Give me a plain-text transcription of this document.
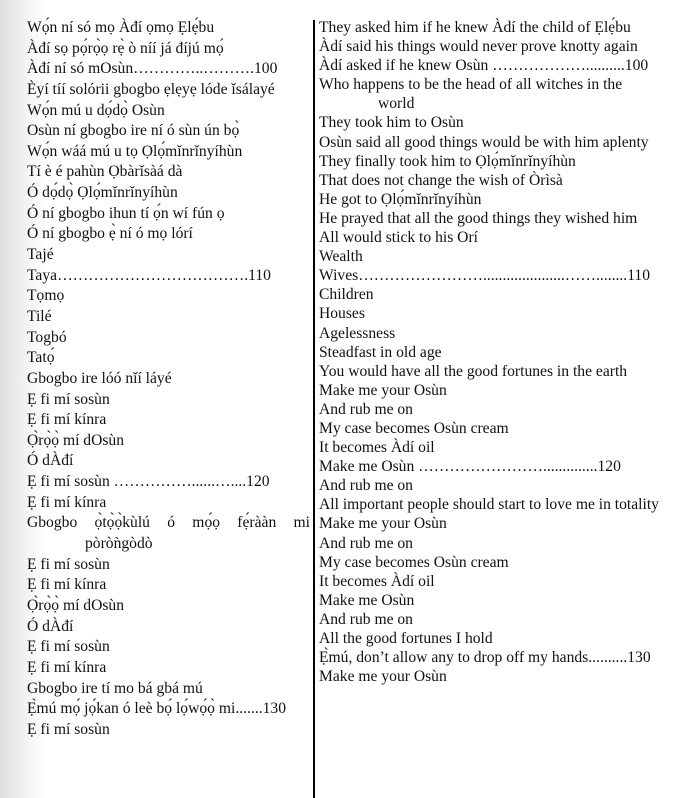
Wọ́n ní só mọ Àđí ọmọ Ẹlẹ́bu
Àđí sọ pọ́rọ̀ọ rẹ̀ ò níí já đíjú mọ́
Àđí ní só mOsùn…………..……….100
Èyí tíí solórii gbogbo ẹlẹyẹ lóde ǐsálayé
Wọ́n mú u dọ́dọ̀ Osùn
Osùn ní gbogbo ire ní ó sùn ún bọ̀
Wọ́n wáá mú u tọ Ọlọ́mǐnrǐnyíhùn
Tí è é pahùn Ọbàrǐsàá dà
Ó dọ́dọ̀ Ọlọ́mǐnrǐnyíhùn
Ó ní gbogbo ihun tí ọ́n wí fún ọ
Ó ní gbogbo ẹ̀ ní ó mọ lórí
Tajé
Taya……………………………….110
Tọmọ
Tilé
Togbó
Tatọ́
Gbogbo ire lóó nǐí láyé
Ẹ fi mí sosùn
Ẹ fi mí kínra
Ọ̀rọ̀ọ̀ mí dOsùn
Ó dÀđí
Ẹ fi mí sosùn ……………......…....120
Ẹ fi mí kínra
Gbogbo ọ̀tọ̀ọ̀kùlú ó mọ́ọ fẹ́rààn mi
pòròǹgòdò
Ẹ fi mí sosùn
Ẹ fi mí kínra
Ọ̀rọ̀ọ̀ mí dOsùn
Ó dÀđí
Ẹ fi mí sosùn
Ẹ fi mí kínra
Gbogbo ire tí mo bá gbá mú
Ẹ̀mú mọ́ jọ́kan ó leè bọ́ lọ́wọ́ọ̀ mi.......130
Ẹ fi mí sosùn
They asked him if he knew Àdí the child of Ẹlẹ́bu
Àdí said his things would never prove knotty again
Àdí asked if he knew Osùn ………………..........100
Who happens to be the head of all witches in the
world
They took him to Osùn
Osùn said all good things would be with him aplenty
They finally took him to Ọlọ́mǐnrǐnyíhùn
That does not change the wish of Òrìsà
He got to Ọlọ́mǐnrǐnyíhùn
He prayed that all the good things they wished him
All would stick to his Orí
Wealth
Wives…………………….....................……........110
Children
Houses
Agelessness
Steadfast in old age
You would have all the good fortunes in the earth
Make me your Osùn
And rub me on
My case becomes Osùn cream
It becomes Àdí oil
Make me Osùn ……………………..............120
And rub me on
All important people should start to love me in totality
Make me your Osùn
And rub me on
My case becomes Osùn cream
It becomes Àdí oil
Make me Osùn
And rub me on
All the good fortunes I hold
Ẹ̀mú, don’t allow any to drop off my hands..........130
Make me your Osùn
